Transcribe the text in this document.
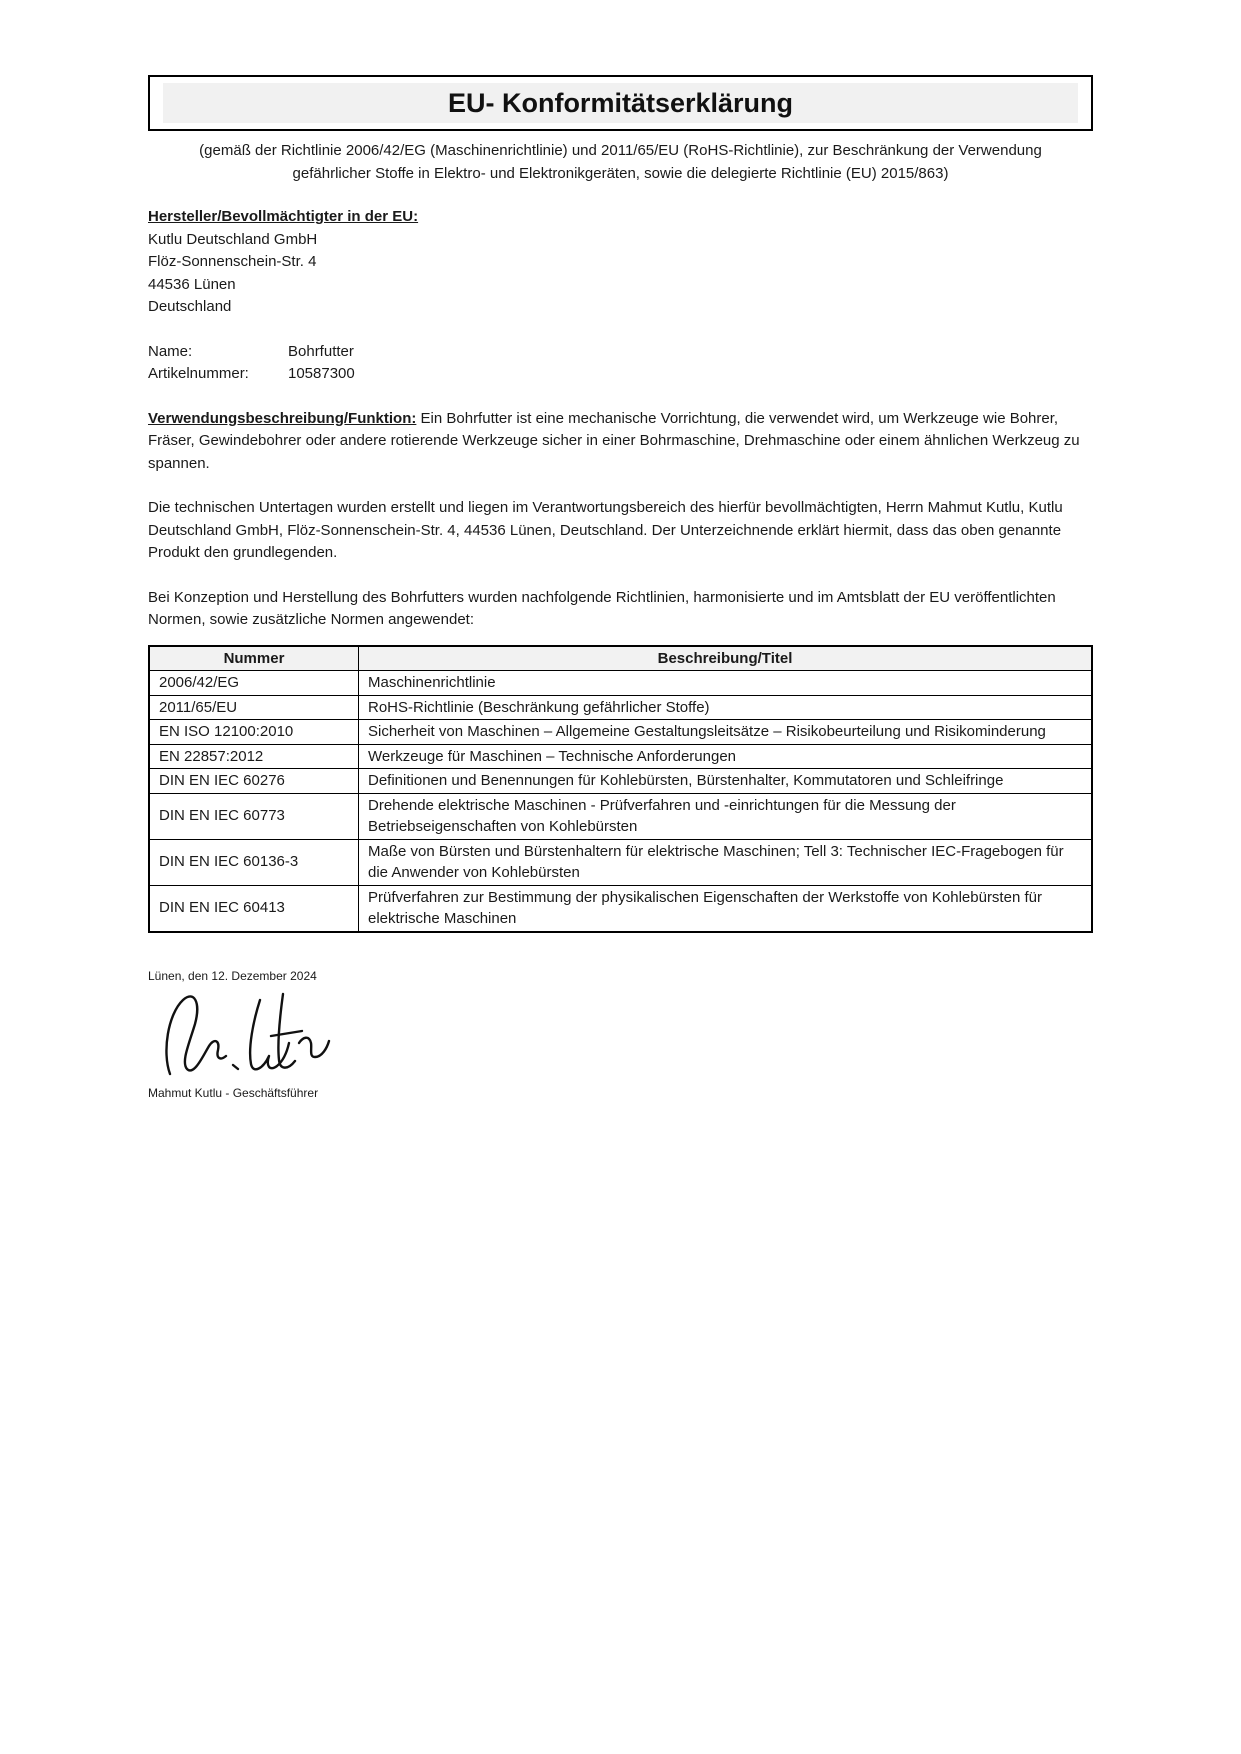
EU- Konformitätserklärung
(gemäß der Richtlinie 2006/42/EG (Maschinenrichtlinie) und 2011/65/EU (RoHS-Richtlinie), zur Beschränkung der Verwendung gefährlicher Stoffe in Elektro- und Elektronikgeräten, sowie die delegierte Richtlinie (EU) 2015/863)
Hersteller/Bevollmächtigter in der EU:
Kutlu Deutschland GmbH
Flöz-Sonnenschein-Str. 4
44536 Lünen
Deutschland
Name:	Bohrfutter
Artikelnummer:	10587300
Verwendungsbeschreibung/Funktion: Ein Bohrfutter ist eine mechanische Vorrichtung, die verwendet wird, um Werkzeuge wie Bohrer, Fräser, Gewindebohrer oder andere rotierende Werkzeuge sicher in einer Bohrmaschine, Drehmaschine oder einem ähnlichen Werkzeug zu spannen.
Die technischen Untertagen wurden erstellt und liegen im Verantwortungsbereich des hierfür bevollmächtigten, Herrn Mahmut Kutlu, Kutlu Deutschland GmbH, Flöz-Sonnenschein-Str. 4, 44536 Lünen, Deutschland. Der Unterzeichnende erklärt hiermit, dass das oben genannte Produkt den grundlegenden.
Bei Konzeption und Herstellung des Bohrfutters wurden nachfolgende Richtlinien, harmonisierte und im Amtsblatt der EU veröffentlichten Normen, sowie zusätzliche Normen angewendet:
Nummer	Beschreibung/Titel
2006/42/EG	Maschinenrichtlinie
2011/65/EU	RoHS-Richtlinie (Beschränkung gefährlicher Stoffe)
EN ISO 12100:2010	Sicherheit von Maschinen – Allgemeine Gestaltungsleitsätze – Risikobeurteilung und Risikominderung
EN 22857:2012	Werkzeuge für Maschinen – Technische Anforderungen
DIN EN IEC 60276	Definitionen und Benennungen für Kohlebürsten, Bürstenhalter, Kommutatoren und Schleifringe
DIN EN IEC 60773	Drehende elektrische Maschinen - Prüfverfahren und -einrichtungen für die Messung der Betriebseigenschaften von Kohlebürsten
DIN EN IEC 60136-3	Maße von Bürsten und Bürstenhaltern für elektrische Maschinen; Tell 3: Technischer IEC-Fragebogen für die Anwender von Kohlebürsten
DIN EN IEC 60413	Prüfverfahren zur Bestimmung der physikalischen Eigenschaften der Werkstoffe von Kohlebürsten für elektrische Maschinen
Lünen, den 12. Dezember 2024
Mahmut Kutlu - Geschäftsführer
